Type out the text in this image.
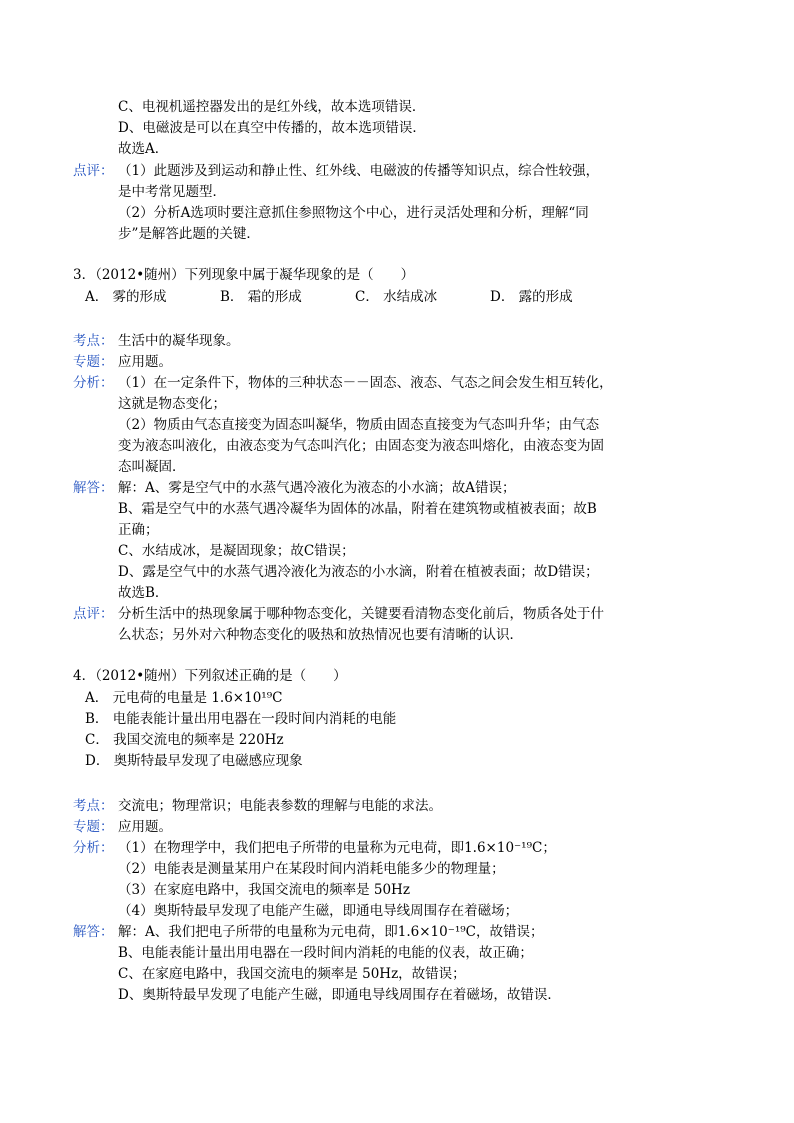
C、电视机遥控器发出的是红外线，故本选项错误．
D、电磁波是可以在真空中传播的，故本选项错误．
故选A．
点评： （1）此题涉及到运动和静止性、红外线、电磁波的传播等知识点，综合性较强，
是中考常见题型．
（2）分析A选项时要注意抓住参照物这个中心，进行灵活处理和分析，理解“同
步”是解答此题的关键．
3．（2012•随州）下列现象中属于凝华现象的是（　　）
A． 雾的形成	B． 霜的形成	C． 水结成冰	D． 露的形成
考点： 生活中的凝华现象。
专题： 应用题。
分析： （1）在一定条件下，物体的三种状态－－固态、液态、气态之间会发生相互转化，
这就是物态变化；
（2）物质由气态直接变为固态叫凝华，物质由固态直接变为气态叫升华；由气态
变为液态叫液化，由液态变为气态叫汽化；由固态变为液态叫熔化，由液态变为固
态叫凝固．
解答： 解：A、雾是空气中的水蒸气遇冷液化为液态的小水滴；故A错误；
B、霜是空气中的水蒸气遇冷凝华为固体的冰晶，附着在建筑物或植被表面；故B
正确；
C、水结成冰，是凝固现象；故C错误；
D、露是空气中的水蒸气遇冷液化为液态的小水滴，附着在植被表面；故D错误；
故选B．
点评： 分析生活中的热现象属于哪种物态变化，关键要看清物态变化前后，物质各处于什
么状态；另外对六种物态变化的吸热和放热情况也要有清晰的认识．
4．（2012•随州）下列叙述正确的是（　　）
A． 元电荷的电量是 1.6×10¹⁹C
B． 电能表能计量出用电器在一段时间内消耗的电能
C． 我国交流电的频率是 220Hz
D． 奥斯特最早发现了电磁感应现象
考点： 交流电；物理常识；电能表参数的理解与电能的求法。
专题： 应用题。
分析： （1）在物理学中，我们把电子所带的电量称为元电荷，即1.6×10⁻¹⁹C；
（2）电能表是测量某用户在某段时间内消耗电能多少的物理量；
（3）在家庭电路中，我国交流电的频率是 50Hz
（4）奥斯特最早发现了电能产生磁，即通电导线周围存在着磁场；
解答： 解：A、我们把电子所带的电量称为元电荷，即1.6×10⁻¹⁹C，故错误；
B、电能表能计量出用电器在一段时间内消耗的电能的仪表，故正确；
C、在家庭电路中，我国交流电的频率是 50Hz，故错误；
D、奥斯特最早发现了电能产生磁，即通电导线周围存在着磁场，故错误．
